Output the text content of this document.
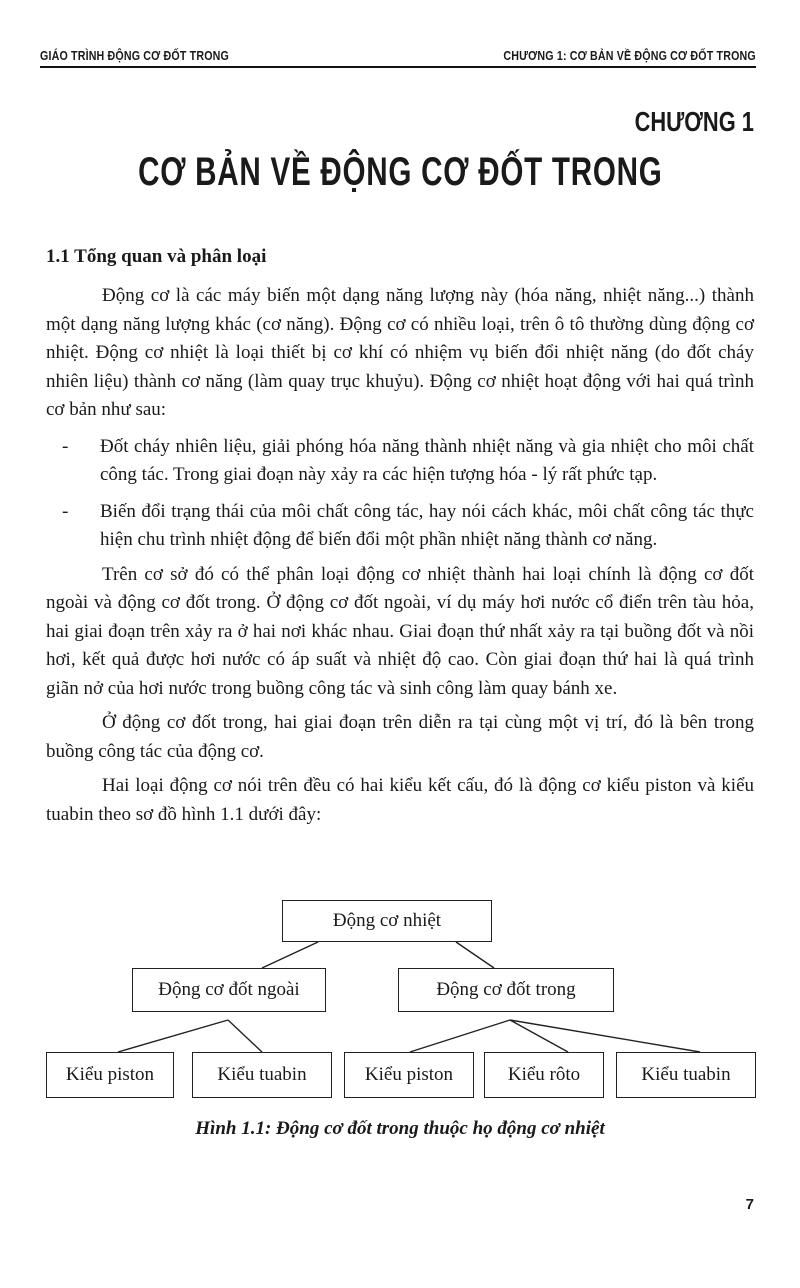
GIÁO TRÌNH ĐỘNG CƠ ĐỐT TRONG	CHƯƠNG 1: CƠ BẢN VỀ ĐỘNG CƠ ĐỐT TRONG
CHƯƠNG 1
CƠ BẢN VỀ ĐỘNG CƠ ĐỐT TRONG
1.1 Tổng quan và phân loại

Động cơ là các máy biến một dạng năng lượng này (hóa năng, nhiệt năng...) thành một dạng năng lượng khác (cơ năng). Động cơ có nhiều loại, trên ô tô thường dùng động cơ nhiệt. Động cơ nhiệt là loại thiết bị cơ khí có nhiệm vụ biến đổi nhiệt năng (do đốt cháy nhiên liệu) thành cơ năng (làm quay trục khuỷu). Động cơ nhiệt hoạt động với hai quá trình cơ bản như sau:

- Đốt cháy nhiên liệu, giải phóng hóa năng thành nhiệt năng và gia nhiệt cho môi chất công tác. Trong giai đoạn này xảy ra các hiện tượng hóa - lý rất phức tạp.
- Biến đổi trạng thái của môi chất công tác, hay nói cách khác, môi chất công tác thực hiện chu trình nhiệt động để biến đổi một phần nhiệt năng thành cơ năng.

Trên cơ sở đó có thể phân loại động cơ nhiệt thành hai loại chính là động cơ đốt ngoài và động cơ đốt trong. Ở động cơ đốt ngoài, ví dụ máy hơi nước cổ điển trên tàu hỏa, hai giai đoạn trên xảy ra ở hai nơi khác nhau. Giai đoạn thứ nhất xảy ra tại buồng đốt và nồi hơi, kết quả được hơi nước có áp suất và nhiệt độ cao. Còn giai đoạn thứ hai là quá trình giãn nở của hơi nước trong buồng công tác và sinh công làm quay bánh xe.

Ở động cơ đốt trong, hai giai đoạn trên diễn ra tại cùng một vị trí, đó là bên trong buồng công tác của động cơ.

Hai loại động cơ nói trên đều có hai kiểu kết cấu, đó là động cơ kiểu piston và kiểu tuabin theo sơ đồ hình 1.1 dưới đây:

Động cơ nhiệt
Động cơ đốt ngoài	Động cơ đốt trong
Kiểu piston	Kiểu tuabin	Kiểu piston	Kiểu rôto	Kiểu tuabin
Hình 1.1: Động cơ đốt trong thuộc họ động cơ nhiệt
7
